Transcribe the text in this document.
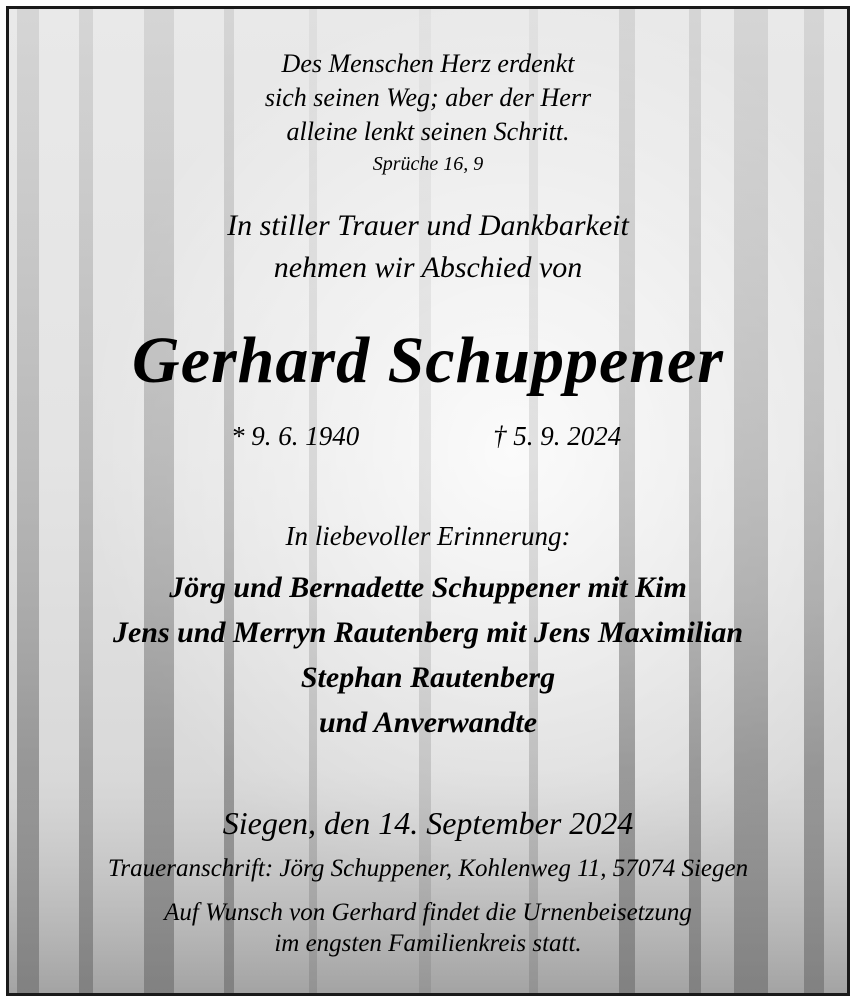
Des Menschen Herz erdenkt
sich seinen Weg; aber der Herr
alleine lenkt seinen Schritt.
Sprüche 16, 9
In stiller Trauer und Dankbarkeit
nehmen wir Abschied von
Gerhard Schuppener
* 9. 6. 1940	† 5. 9. 2024
In liebevoller Erinnerung:
Jörg und Bernadette Schuppener mit Kim
Jens und Merryn Rautenberg mit Jens Maximilian
Stephan Rautenberg
und Anverwandte
Siegen, den 14. September 2024
Traueranschrift: Jörg Schuppener, Kohlenweg 11, 57074 Siegen
Auf Wunsch von Gerhard findet die Urnenbeisetzung
im engsten Familienkreis statt.
